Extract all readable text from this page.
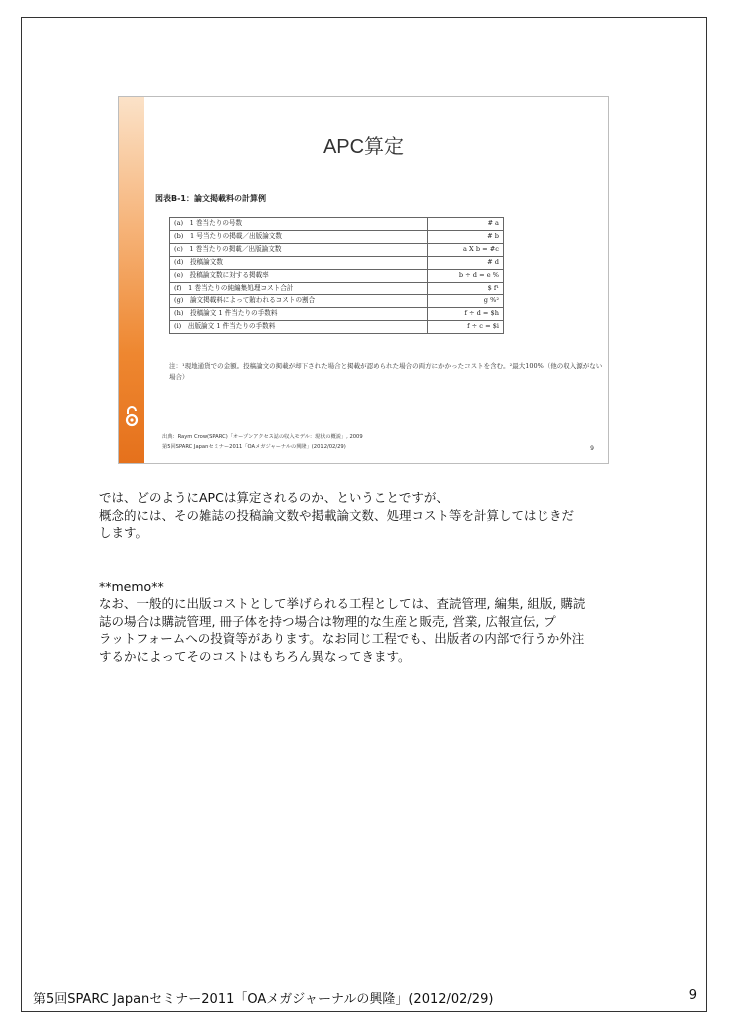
APC算定
図表B-1：論文掲載料の計算例
(a)　1 巻当たりの号数	# a
(b)　1 号当たりの掲載／出版論文数	# b
(c)　1 巻当たりの掲載／出版論文数	a X b = #c
(d)　投稿論文数	# d
(e)　投稿論文数に対する掲載率	b ÷ d = e %
(f)　1 巻当たりの純編集処理コスト合計	$ f¹
(g)　論文掲載料によって賄われるコストの割合	g %²
(h)　投稿論文 1 件当たりの手数料	f ÷ d = $h
(i)　出版論文 1 件当たりの手数料	f ÷ c = $i
注：¹現地通貨での金額。投稿論文の掲載が却下された場合と掲載が認められた場合の両方にかかったコストを含む。²最大100%（他の収入源がない場合）
出典：Raym Crow(SPARC)「オープンアクセス誌の収入モデル：現状の概説」, 2009
第5回SPARC Japanセミナー2011「OAメガジャーナルの興隆」(2012/02/29)	9
では、どのようにAPCは算定されるのか、ということですが、
概念的には、その雑誌の投稿論文数や掲載論文数、処理コスト等を計算してはじきだ
します。
**memo**
なお、一般的に出版コストとして挙げられる工程としては、査読管理, 編集, 組版, 購読
誌の場合は購読管理, 冊子体を持つ場合は物理的な生産と販売, 営業, 広報宣伝, プ
ラットフォームへの投資等があります。なお同じ工程でも、出版者の内部で行うか外注
するかによってそのコストはもちろん異なってきます。
第5回SPARC Japanセミナー2011「OAメガジャーナルの興隆」(2012/02/29)	9
